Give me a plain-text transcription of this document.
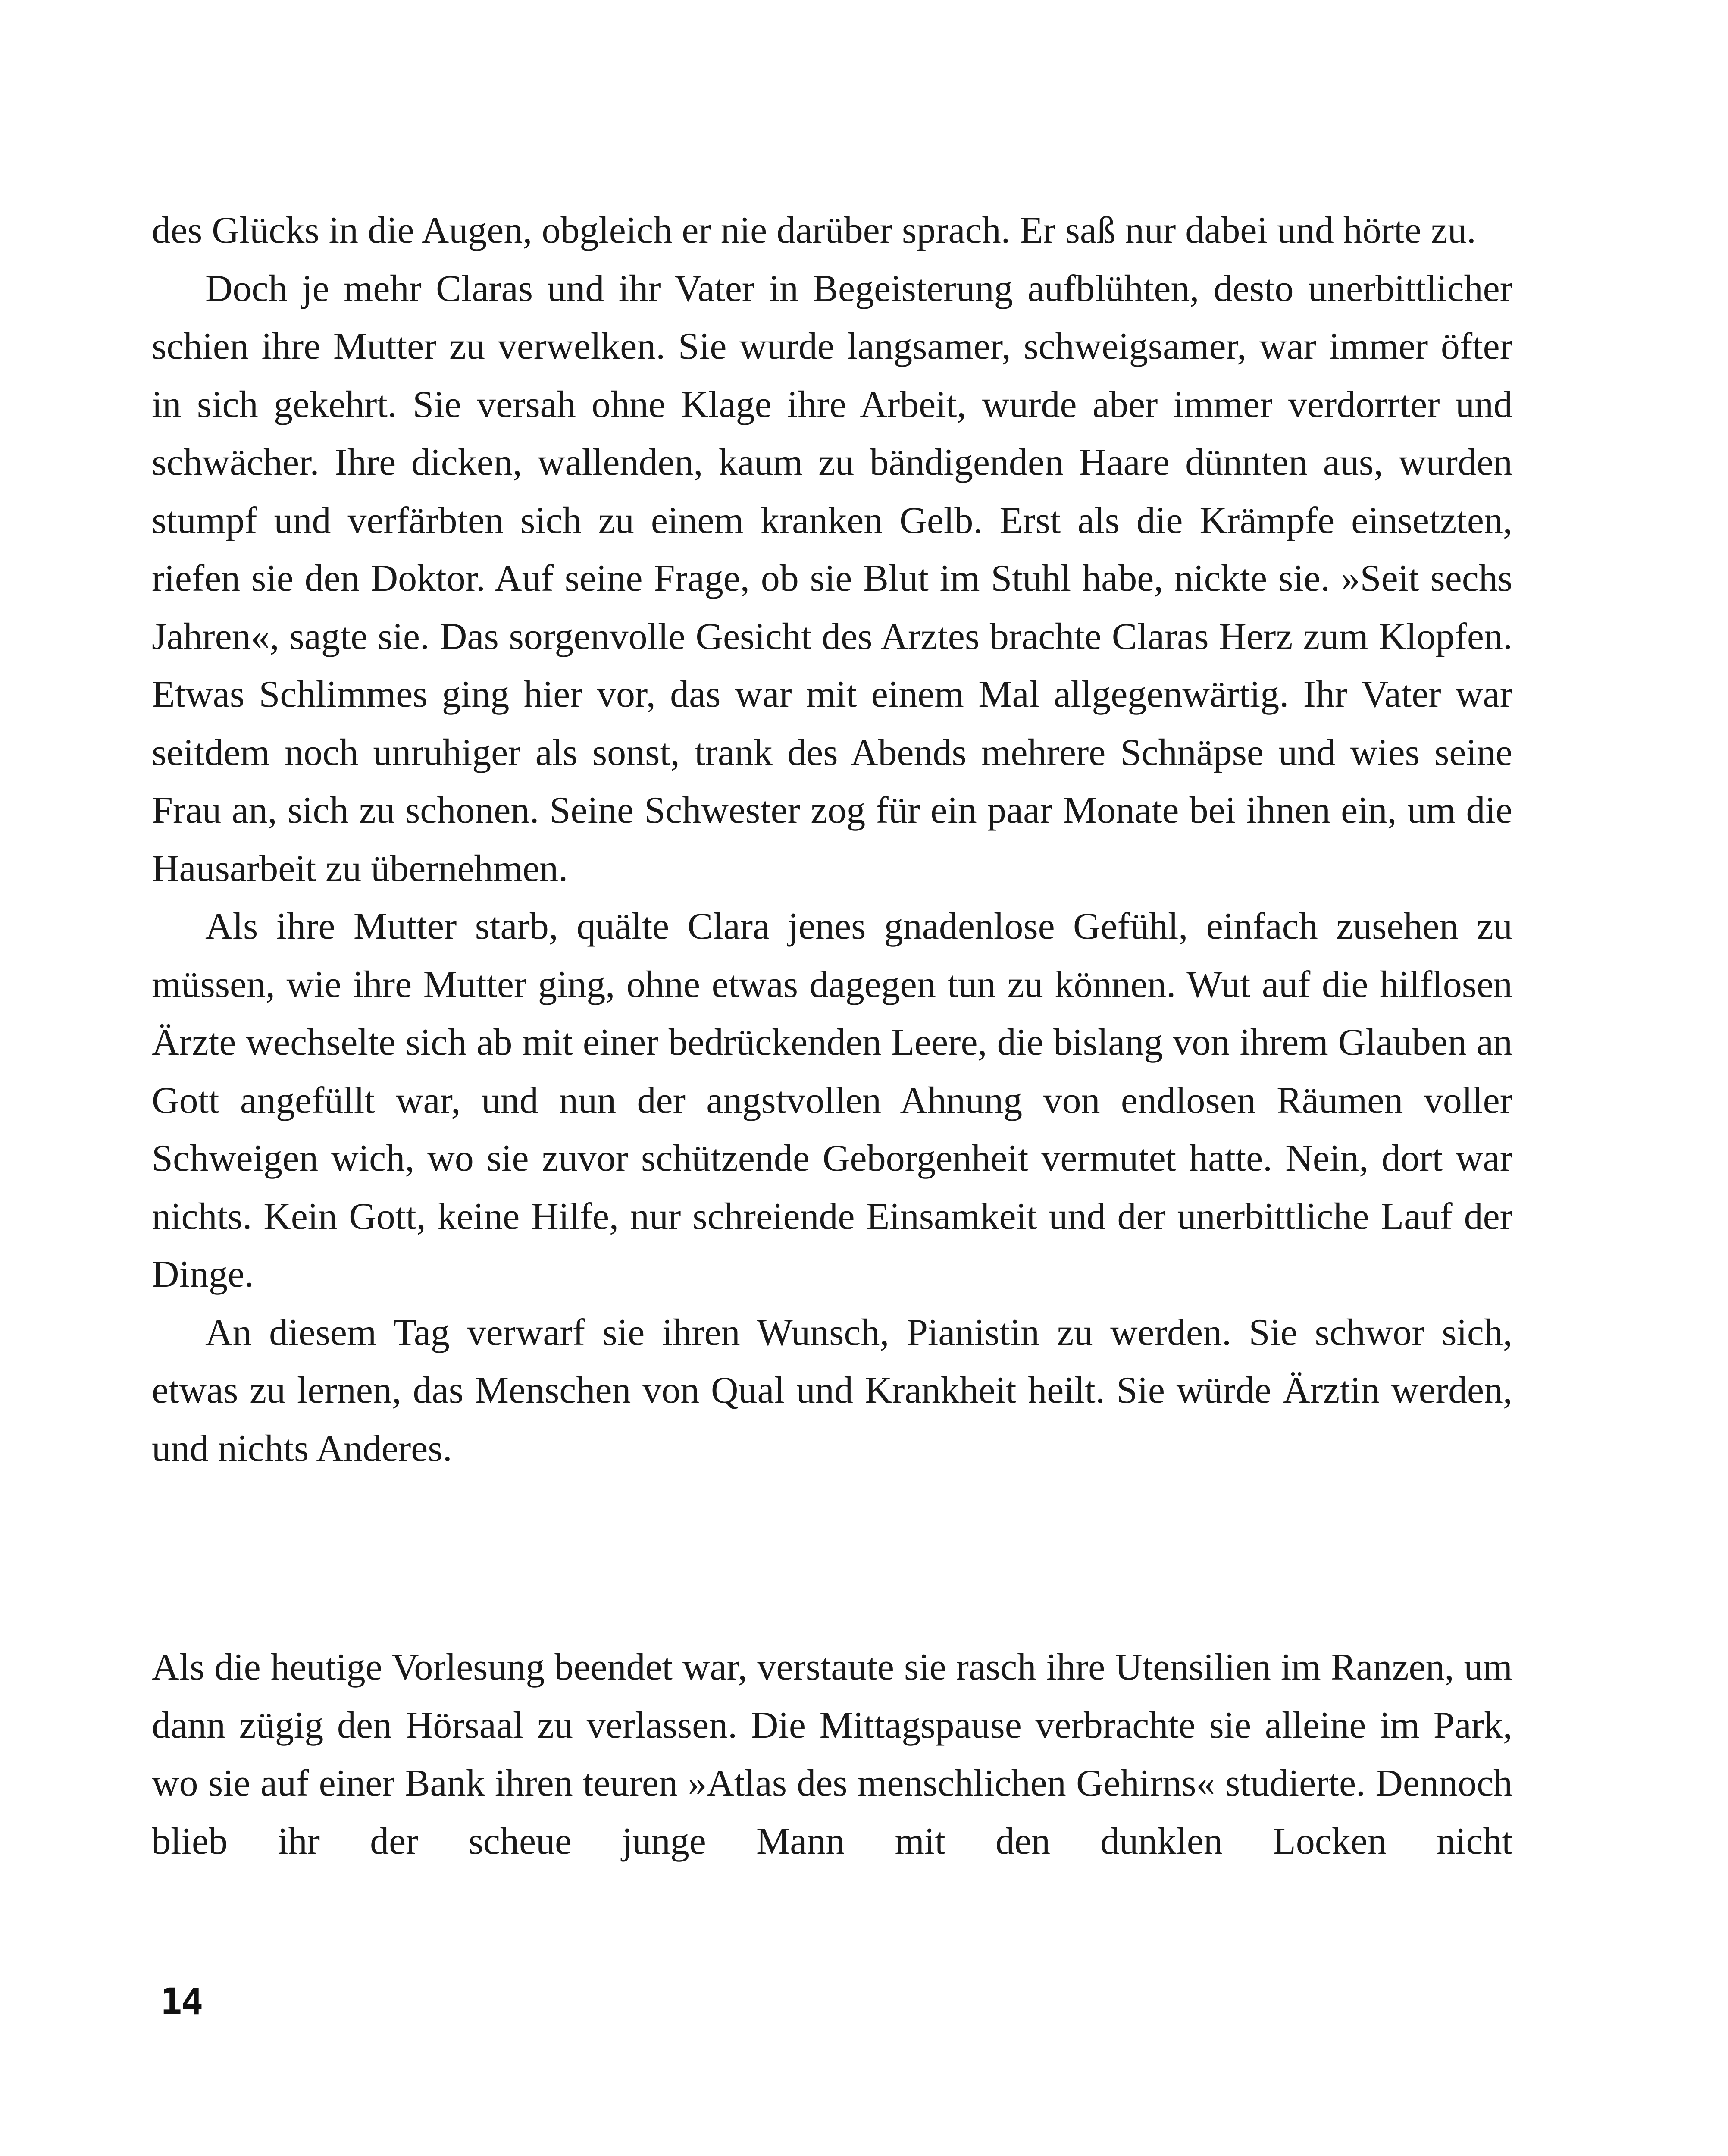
des Glücks in die Augen, obgleich er nie darüber sprach. Er saß nur dabei und hörte zu.

Doch je mehr Claras und ihr Vater in Begeisterung aufblühten, desto unerbittlicher schien ihre Mutter zu verwelken. Sie wurde langsamer, schweigsamer, war immer öfter in sich gekehrt. Sie versah ohne Klage ihre Arbeit, wurde aber immer verdorrter und schwächer. Ihre dicken, wallenden, kaum zu bändigenden Haare dünnten aus, wurden stumpf und verfärbten sich zu einem kranken Gelb. Erst als die Krämpfe einsetzten, riefen sie den Doktor. Auf seine Frage, ob sie Blut im Stuhl habe, nickte sie. »Seit sechs Jahren«, sagte sie. Das sorgenvolle Gesicht des Arztes brachte Claras Herz zum Klopfen. Etwas Schlimmes ging hier vor, das war mit einem Mal allgegenwärtig. Ihr Vater war seitdem noch unruhiger als sonst, trank des Abends mehrere Schnäpse und wies seine Frau an, sich zu schonen. Seine Schwester zog für ein paar Monate bei ihnen ein, um die Hausarbeit zu übernehmen.

Als ihre Mutter starb, quälte Clara jenes gnadenlose Gefühl, einfach zusehen zu müssen, wie ihre Mutter ging, ohne etwas dagegen tun zu können. Wut auf die hilflosen Ärzte wechselte sich ab mit einer bedrückenden Leere, die bislang von ihrem Glauben an Gott angefüllt war, und nun der angstvollen Ahnung von endlosen Räumen voller Schweigen wich, wo sie zuvor schützende Geborgenheit vermutet hatte. Nein, dort war nichts. Kein Gott, keine Hilfe, nur schreiende Einsamkeit und der unerbittliche Lauf der Dinge.

An diesem Tag verwarf sie ihren Wunsch, Pianistin zu werden. Sie schwor sich, etwas zu lernen, das Menschen von Qual und Krankheit heilt. Sie würde Ärztin werden, und nichts Anderes.

Als die heutige Vorlesung beendet war, verstaute sie rasch ihre Utensilien im Ranzen, um dann zügig den Hörsaal zu verlassen. Die Mittagspause verbrachte sie alleine im Park, wo sie auf einer Bank ihren teuren »Atlas des menschlichen Gehirns« studierte. Dennoch blieb ihr der scheue junge Mann mit den dunklen Locken nicht

14
